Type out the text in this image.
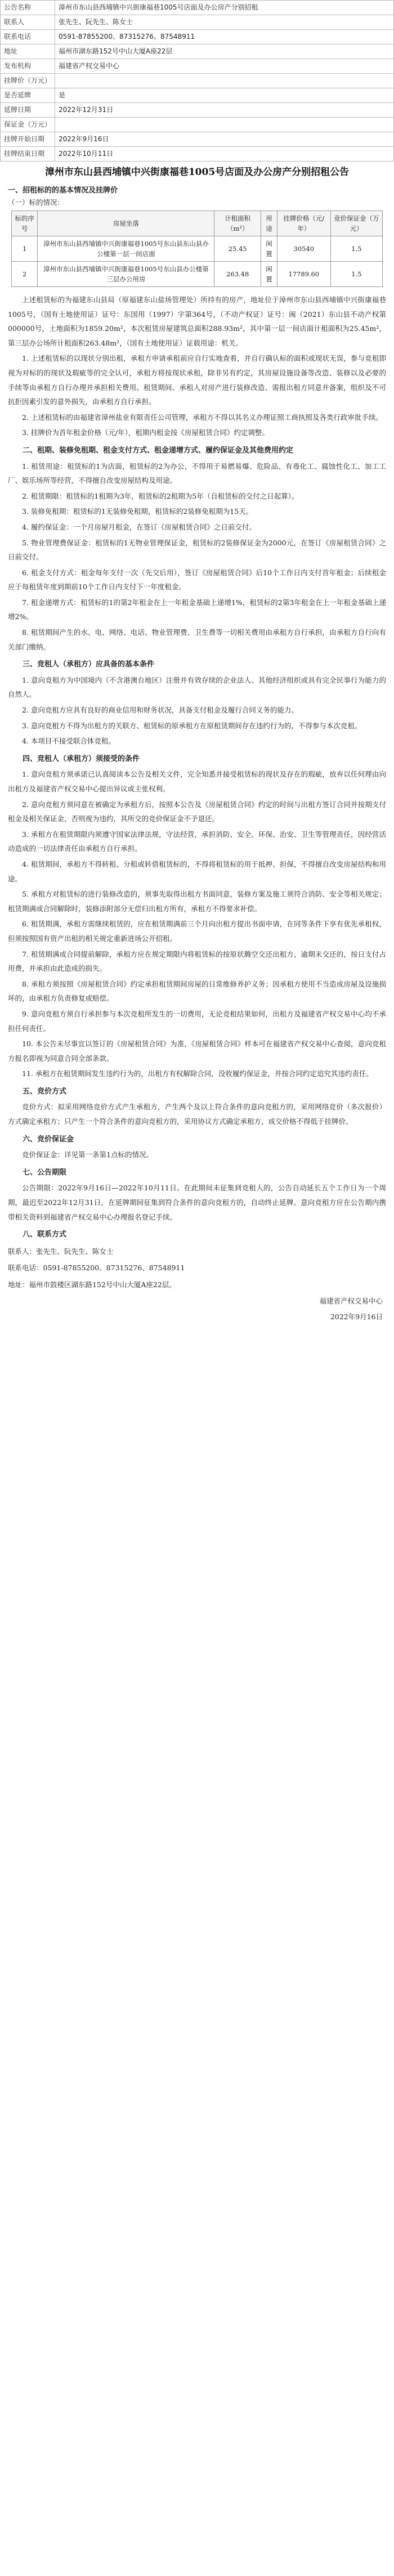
公告名称	漳州市东山县西埔镇中兴街康福巷1005号店面及办公房产分别招租
联系人	张先生、阮先生、陈女士
联系电话	0591-87855200、87315276、87548911
地址	福州市湖东路152号中山大厦A座22层
发布机构	福建省产权交易中心
挂牌价（万元）	
是否延牌	是
延牌日期	2022年12月31日
保证金（万元）	
挂牌开始日期	2022年9月16日
挂牌结束日期	2022年10月11日
漳州市东山县西埔镇中兴街康福巷1005号店面及办公房产分别招租公告
一、招租标的的基本情况及挂牌价
（一）标的情况：
标的序号	房屋坐落	计租面积（m²）	用途	挂牌价格（元/年）	竞价保证金（万元）
1	漳州市东山县西埔镇中兴街康福巷1005号东山县东山县办公楼第一层一间店面	25.45	闲置	30540	1.5
2	漳州市东山县西埔镇中兴街康福巷1005号东山县办公楼第三层办公用房	263.48	闲置	17789.60	1.5

上述租赁标的为福建东山县局（原福建东山盐场管理处）所持有的房产，地址位于漳州市东山县西埔镇中兴街康福巷1005号，（国有土地使用证）证号：东国用（1997）字第364号，（不动产权证）证号：闽（2021）东山县不动产权第000000号，土地面积为1859.20m²，本次租赁房屋建筑总面积288.93m²，其中第一层一间店面计租面积为25.45m²，第三层办公场所计租面积263.48m²，（国有土地使用证）证载用途：机关。

1. 上述租赁标的以现状分别出租，承租方申请承租前应自行实地查看，并自行确认标的面积或现状无误，参与竞租即视为对标的的现状及瑕疵等的完全认可，承租方将按现状承租，除非另有约定，其房屋设施设备等改造、装修以及必要的手续等由承租方自行办理并承担相关费用。租赁期间、承租人对房产进行装修改造、需报出租方同意并备案，组织及不可抗拒因素引发的意外损失，由承租方自行承担。

2. 上述租赁标的由福建省漳州盐业有限责任公司管理，承租方不得以其名义办理证照工商执照及各类行政审批手续。

3. 挂牌价为首年租金价格（元/年），租期内租金按《房屋租赁合同》约定调整。

二、租期、装修免租期、租金支付方式、租金递增方式、履约保证金及其他费用约定

1. 租赁用途：租赁标的1为店面，租赁标的2为办公，不得用于易燃易爆、危险品、有毒化工、腐蚀性化工、加工工厂、娱乐场所等经营，不得擅自改变房屋结构及用途。

2. 租赁期限：租赁标的1租期为3年，租赁标的2租期为5年（自租赁标的交付之日起算）。

3. 装修免租期：租赁标的1无装修免租期，租赁标的2装修免租期为15天。

4. 履约保证金：一个月房屋月租金，在签订《房屋租赁合同》之日前交付。

5. 物业管理费保证金：租赁标的1无物业管理保证金，租赁标的2装修保证金为2000元，在签订《房屋租赁合同》之日前交付。

6. 租金支付方式：租金每年支付一次（先交后用），签订《房屋租赁合同》后10个工作日内支付首年租金；后续租金应于每租赁年度到期前10个工作日内支付下一年度租金。

7. 租金递增方式：租赁标的1的第2年租金在上一年租金基础上递增1%，租赁标的2第3年租金在上一年租金基础上递增2%。

8. 租赁期间产生的水、电、网络、电话、物业管理费、卫生费等一切相关费用由承租方自行承担，由承租方自行向有关部门缴纳。

三、竞租人（承租方）应具备的基本条件

1. 意向竞租方为中国境内（不含港澳台地区）注册并有效存续的企业法人、其他经济组织或具有完全民事行为能力的自然人。

2. 意向竞租方应具有良好的商业信用和财务状况，具备支付租金及履行合同义务的能力。

3. 意向竞租方不得为出租方的关联方、租赁标的原承租方在原租赁期间存在违约行为的，不得参与本次竞租。

4. 本项目不接受联合体竞租。

四、竞租人（承租方）须接受的条件

1. 意向竞租方须承诺已认真阅读本公告及相关文件，完全知悉并接受租赁标的现状及存在的瑕疵，放弃以任何理由向出租方及福建省产权交易中心提出异议或主张权利。

2. 意向竞租方须同意在被确定为承租方后，按照本公告及《房屋租赁合同》约定的时间与出租方签订合同并按期支付租金及相关保证金，否则视为违约，其所交的竞价保证金不予退还。

3. 承租方在租赁期限内须遵守国家法律法规，守法经营，承担消防、安全、环保、治安、卫生等管理责任，因经营活动造成的一切法律责任由承租方自行承担。

4. 租赁期间，承租方不得转租、分租或转借租赁标的，不得将租赁标的用于抵押、担保，不得擅自改变房屋结构和用途。

5. 承租方对租赁标的进行装修改造的，须事先取得出租方书面同意，装修方案及施工须符合消防、安全等相关规定；租赁期满或合同解除时，装修添附部分无偿归出租方所有，承租方不得要求补偿。

6. 租赁期满，承租方需继续租赁的，应在租赁期满前三个月向出租方提出书面申请，在同等条件下享有优先承租权，但须按照国有资产出租的相关规定重新进场公开招租。

7. 租赁期满或合同提前解除，承租方应在规定期限内将租赁标的按原状腾空交还出租方，逾期未交还的，按日支付占用费，并承担由此造成的损失。

8. 承租方须按照《房屋租赁合同》约定承担租赁期间房屋的日常维修养护义务；因承租方使用不当造成房屋及设施损坏的，由承租方负责修复或赔偿。

9. 意向竞租方须自行承担参与本次竞租所发生的一切费用，无论竞租结果如何，出租方及福建省产权交易中心均不承担任何责任。

10. 本公告未尽事宜以签订的《房屋租赁合同》为准，《房屋租赁合同》样本可在福建省产权交易中心查阅，意向竞租方报名即视为同意合同全部条款。

11. 承租方在租赁期间发生违约行为的，出租方有权解除合同，没收履约保证金，并按合同约定追究其违约责任。

五、竞价方式

竞价方式：拟采用网络竞价方式产生承租方，产生两个及以上符合条件的意向竞租方的，采用网络竞价（多次报价）方式确定承租方；只产生一个符合条件的意向竞租方的，采用协议方式确定承租方，成交价格不得低于挂牌价。

六、竞价保证金

竞价保证金：详见第一条第1点标的情况。

七、公告期限

公告期限：2022年9月16日—2022年10月11日。在此期间未征集到竞租人的，公告自动延长五个工作日为一个周期，最迟至2022年12月31日，在延牌期间征集到符合条件的意向竞租方的，自动终止延牌。意向竞租方应在公告期内携带相关资料到福建省产权交易中心办理报名登记手续。

八、联系方式

联系人：张先生、阮先生、陈女士
联系电话：0591-87855200、87315276、87548911
地址：福州市鼓楼区湖东路152号中山大厦A座22层。
福建省产权交易中心
2022年9月16日
